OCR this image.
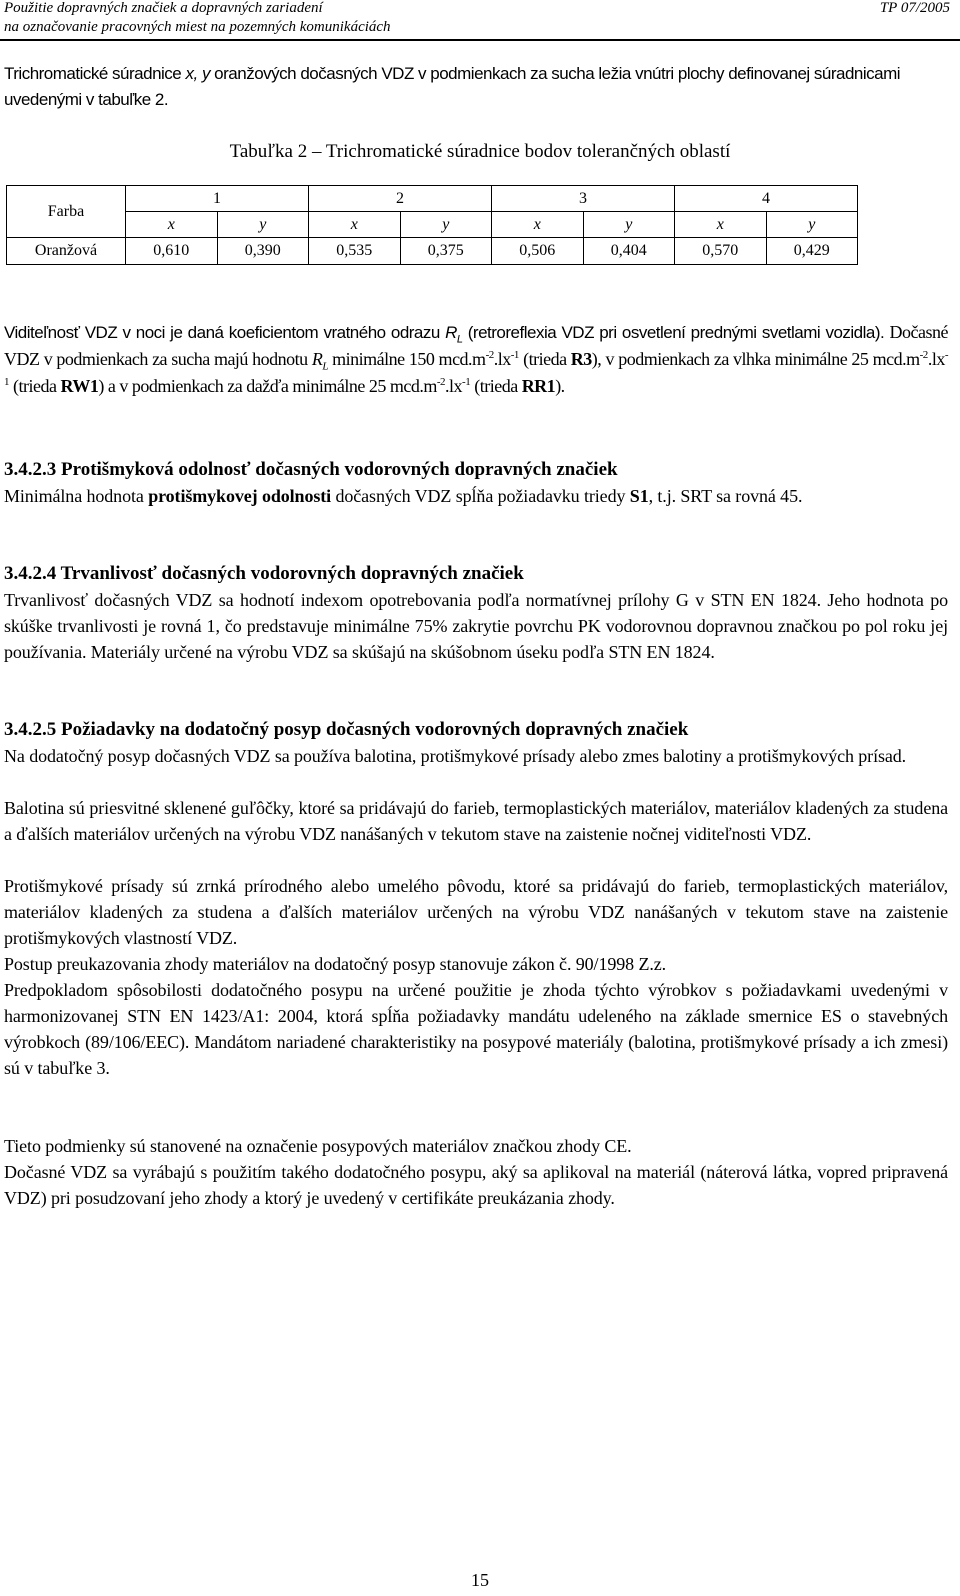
Použitie dopravných značiek a dopravných zariadení
na označovanie pracovných miest na pozemných komunikáciách
TP 07/2005

Trichromatické súradnice x, y oranžových dočasných VDZ v podmienkach za sucha ležia vnútri plochy definovanej súradnicami uvedenými v tabuľke 2.

Tabuľka 2 – Trichromatické súradnice bodov tolerančných oblastí
Farba	1		2		3		4	
	x	y	x	y	x	y	x	y
Oranžová	0,610	0,390	0,535	0,375	0,506	0,404	0,570	0,429

Viditeľnosť VDZ v noci je daná koeficientom vratného odrazu $R_L$ (retroreflexia VDZ pri osvetlení prednými svetlami vozidla). Dočasné VDZ v podmienkach za sucha majú hodnotu $R_L$ minimálne 150 $mcd.m^{-2}.lx^{-1}$ (trieda R3), v podmienkach za vlhka minimálne 25 $mcd.m^{-2}.lx^{-1}$ (trieda RW1) a v podmienkach za dažďa minimálne 25 $mcd.m^{-2}.lx^{-1}$ (trieda RR1).

3.4.2.3 Protišmyková odolnosť dočasných vodorovných dopravných značiek

Minimálna hodnota protišmykovej odolnosti dočasných VDZ spĺňa požiadavku triedy S1, t.j. SRT sa rovná 45.

3.4.2.4 Trvanlivosť dočasných vodorovných dopravných značiek

Trvanlivosť dočasných VDZ sa hodnotí indexom opotrebovania podľa normatívnej prílohy G v STN EN 1824. Jeho hodnota po skúške trvanlivosti je rovná 1, čo predstavuje minimálne 75% zakrytie povrchu PK vodorovnou dopravnou značkou po pol roku jej používania. Materiály určené na výrobu VDZ sa skúšajú na skúšobnom úseku podľa STN EN 1824.

3.4.2.5 Požiadavky na dodatočný posyp dočasných vodorovných dopravných značiek

Na dodatočný posyp dočasných VDZ sa používa balotina, protišmykové prísady alebo zmes balotiny a protišmykových prísad.

Balotina sú priesvitné sklenené guľôčky, ktoré sa pridávajú do farieb, termoplastických materiálov, materiálov kladených za studena a ďalších materiálov určených na výrobu VDZ nanášaných v tekutom stave na zaistenie nočnej viditeľnosti VDZ.

Protišmykové prísady sú zrnká prírodného alebo umelého pôvodu, ktoré sa pridávajú do farieb, termoplastických materiálov, materiálov kladených za studena a ďalších materiálov určených na výrobu VDZ nanášaných v tekutom stave na zaistenie protišmykových vlastností VDZ.

Postup preukazovania zhody materiálov na dodatočný posyp stanovuje zákon č. 90/1998 Z.z.

Predpokladom spôsobilosti dodatočného posypu na určené použitie je zhoda týchto výrobkov s požiadavkami uvedenými v harmonizovanej STN EN 1423/A1: 2004, ktorá spĺňa požiadavky mandátu udeleného na základe smernice ES o stavebných výrobkoch (89/106/EEC). Mandátom nariadené charakteristiky na posypové materiály (balotina, protišmykové prísady a ich zmesi) sú v tabuľke 3.

Tieto podmienky sú stanovené na označenie posypových materiálov značkou zhody CE.

Dočasné VDZ sa vyrábajú s použitím takého dodatočného posypu, aký sa aplikoval na materiál (náterová látka, vopred pripravená VDZ) pri posudzovaní jeho zhody a ktorý je uvedený v certifikáte preukázania zhody.

15
